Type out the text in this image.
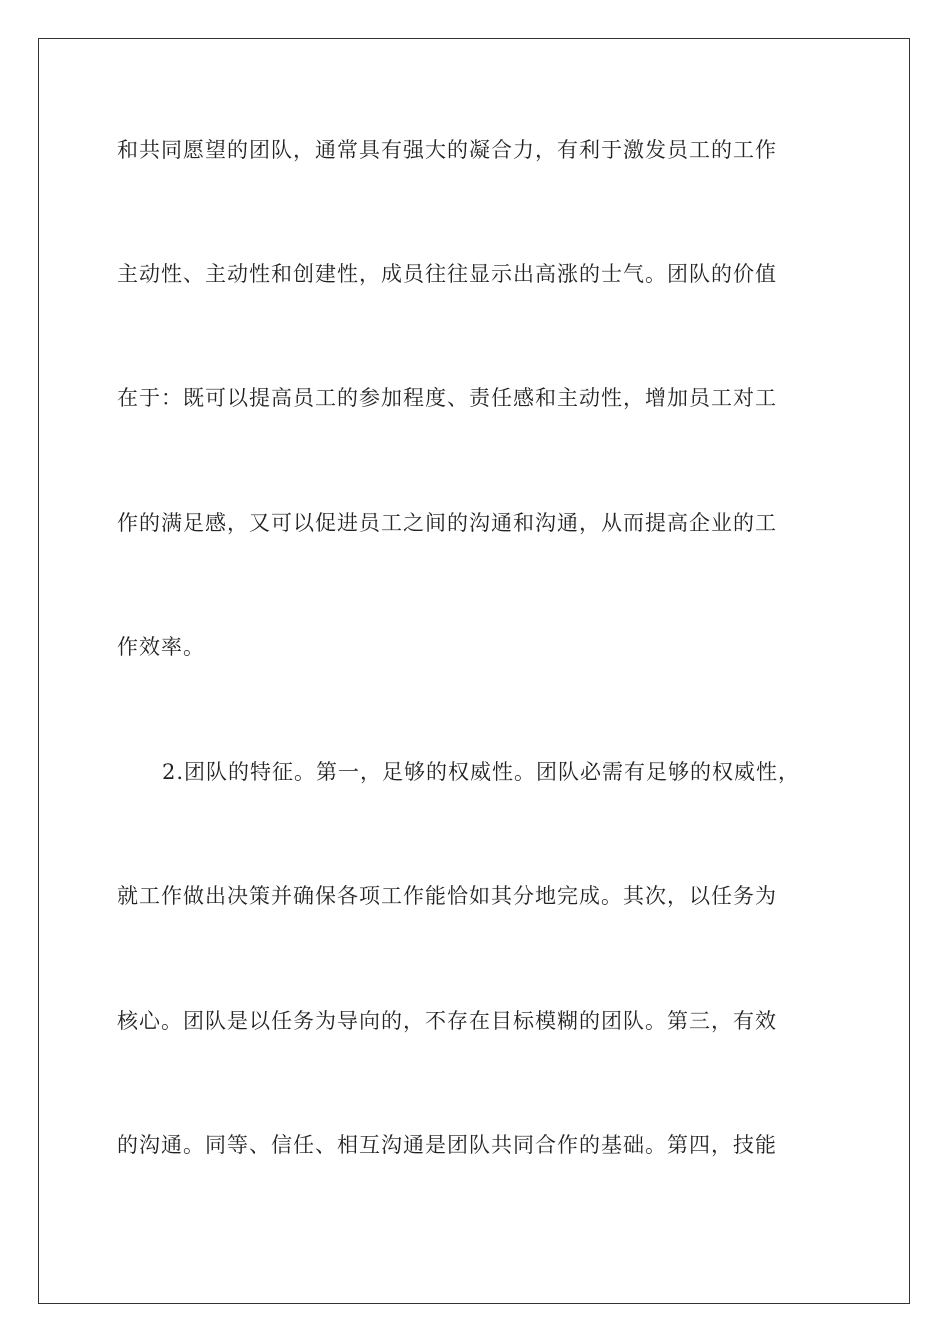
和共同愿望的团队，通常具有强大的凝合力，有利于激发员工的工作
主动性、主动性和创建性，成员往往显示出高涨的士气。团队的价值
在于：既可以提高员工的参加程度、责任感和主动性，增加员工对工
作的满足感，又可以促进员工之间的沟通和沟通，从而提高企业的工
作效率。
2.团队的特征。第一，足够的权威性。团队必需有足够的权威性，
就工作做出决策并确保各项工作能恰如其分地完成。其次，以任务为
核心。团队是以任务为导向的，不存在目标模糊的团队。第三，有效
的沟通。同等、信任、相互沟通是团队共同合作的基础。第四，技能
